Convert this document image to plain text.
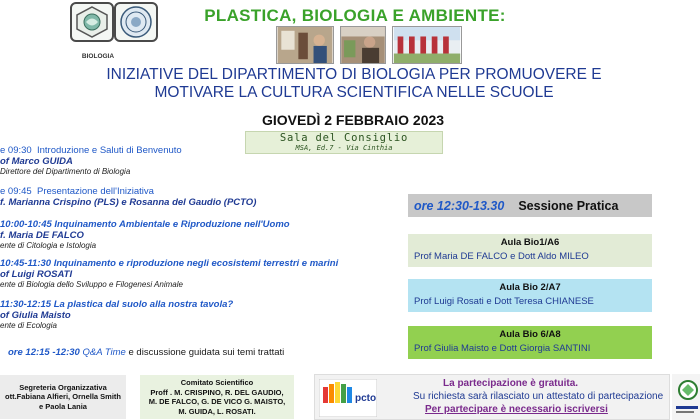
BIOLOGIA
PLASTICA, BIOLOGIA E AMBIENTE:
INIZIATIVE DEL DIPARTIMENTO DI BIOLOGIA PER PROMUOVERE E
MOTIVARE LA CULTURA SCIENTIFICA NELLE SCUOLE
GIOVEDÌ 2 FEBBRAIO 2023
Sala del Consiglio
MSA, Ed.7 - Via Cinthia
e 09:30 Introduzione e Saluti di Benvenuto
of Marco GUIDA
Direttore del Dipartimento di Biologia
e 09:45 Presentazione dell'Iniziativa
f. Marianna Crispino (PLS) e Rosanna del Gaudio (PCTO)
10:00-10:45 Inquinamento Ambientale e Riproduzione nell'Uomo
f. Maria DE FALCO
ente di Citologia e Istologia
10:45-11:30 Inquinamento e riproduzione negli ecosistemi terrestri e marini
of Luigi ROSATI
ente di Biologia dello Sviluppo e Filogenesi Animale
11:30-12:15 La plastica dal suolo alla nostra tavola?
of Giulia Maisto
ente di Ecologia
ore 12:15 -12:30 Q&A Time e discussione guidata sui temi trattati
ore 12:30-13.30 Sessione Pratica
Aula Bio1/A6
Prof Maria DE FALCO e Dott Aldo MILEO
Aula Bio 2/A7
Prof Luigi Rosati e Dott Teresa CHIANESE
Aula Bio 6/A8
Prof Giulia Maisto e Dott Giorgia SANTINI
Segreteria Organizzativa
ott.Fabiana Alfieri, Ornella Smith
e Paola Lania
Comitato Scientifico
Proff . M. CRISPINO, R. DEL GAUDIO,
M. DE FALCO, G. DE VICO G. MAISTO,
M. GUIDA, L. ROSATI.
pcto
La partecipazione è gratuita.
Su richiesta sarà rilasciato un attestato di partecipazione
Per partecipare è necessario iscriversi
